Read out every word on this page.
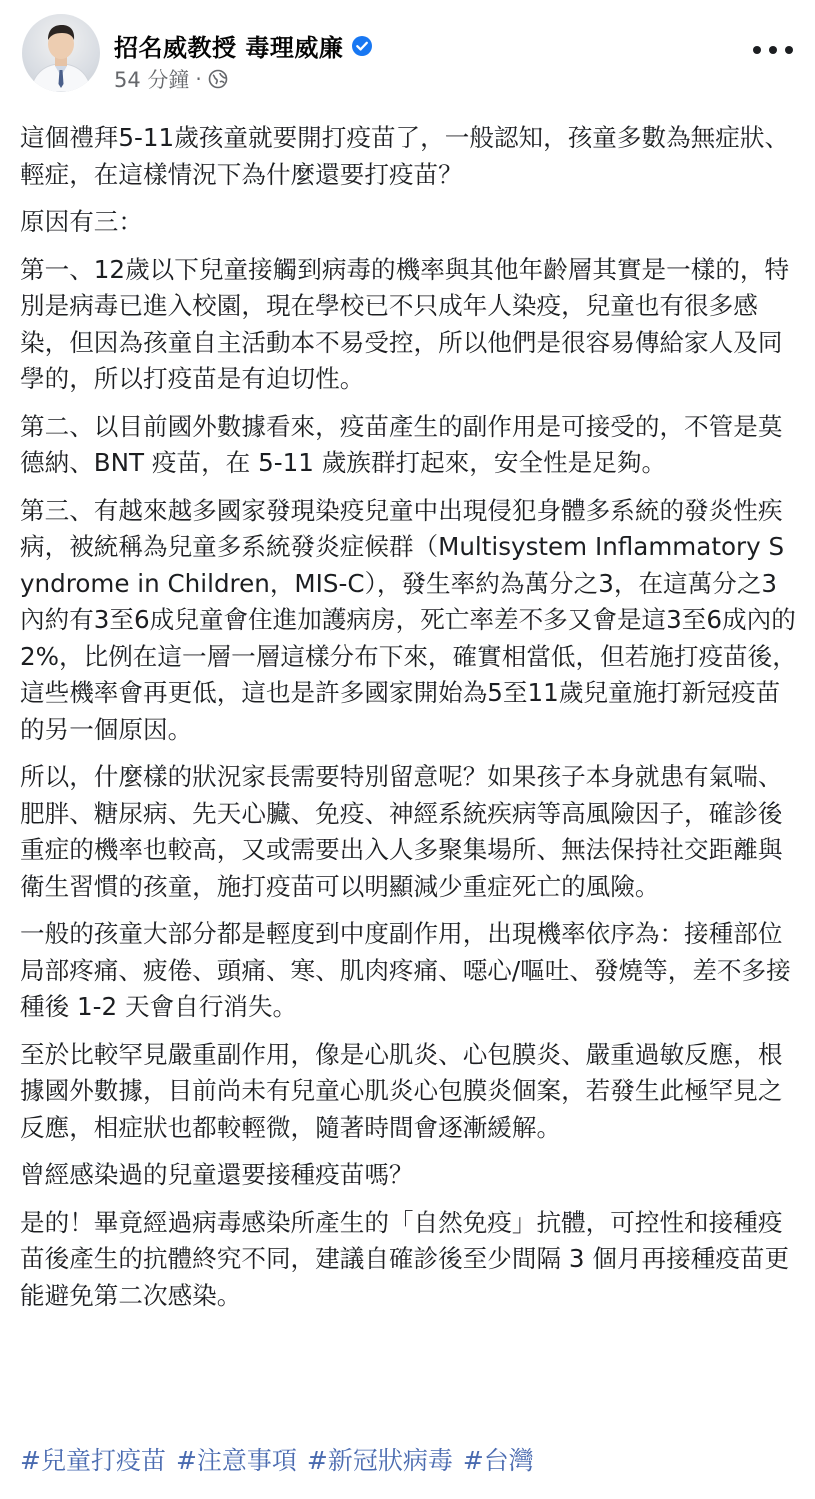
招名威教授 毒理威廉
54 分鐘 ·

這個禮拜5-11歲孩童就要開打疫苗了，一般認知，孩童多數為無症狀、輕症，在這樣情況下為什麼還要打疫苗？

原因有三：

第一、12歲以下兒童接觸到病毒的機率與其他年齡層其實是一樣的，特別是病毒已進入校園，現在學校已不只成年人染疫，兒童也有很多感染，但因為孩童自主活動本不易受控，所以他們是很容易傳給家人及同學的，所以打疫苗是有迫切性。

第二、以目前國外數據看來，疫苗產生的副作用是可接受的，不管是莫德納、BNT 疫苗，在 5-11 歲族群打起來，安全性是足夠。

第三、有越來越多國家發現染疫兒童中出現侵犯身體多系統的發炎性疾病，被統稱為兒童多系統發炎症候群（Multisystem Inflammatory Syndrome in Children，MIS-C），發生率約為萬分之3，在這萬分之3內約有3至6成兒童會住進加護病房，死亡率差不多又會是這3至6成內的2%，比例在這一層一層這樣分布下來，確實相當低，但若施打疫苗後，這些機率會再更低，這也是許多國家開始為5至11歲兒童施打新冠疫苗的另一個原因。

所以，什麼樣的狀況家長需要特別留意呢？如果孩子本身就患有氣喘、肥胖、糖尿病、先天心臟、免疫、神經系統疾病等高風險因子，確診後重症的機率也較高，又或需要出入人多聚集場所、無法保持社交距離與衛生習慣的孩童，施打疫苗可以明顯減少重症死亡的風險。

一般的孩童大部分都是輕度到中度副作用，出現機率依序為：接種部位局部疼痛、疲倦、頭痛、寒、肌肉疼痛、噁心/嘔吐、發燒等，差不多接種後 1-2 天會自行消失。

至於比較罕見嚴重副作用，像是心肌炎、心包膜炎、嚴重過敏反應，根據國外數據，目前尚未有兒童心肌炎心包膜炎個案，若發生此極罕見之反應，相症狀也都較輕微，隨著時間會逐漸緩解。

曾經感染過的兒童還要接種疫苗嗎？

是的！畢竟經過病毒感染所產生的「自然免疫」抗體，可控性和接種疫苗後產生的抗體終究不同，建議自確診後至少間隔 3 個月再接種疫苗更能避免第二次感染。

#兒童打疫苗 #注意事項 #新冠狀病毒 #台灣
